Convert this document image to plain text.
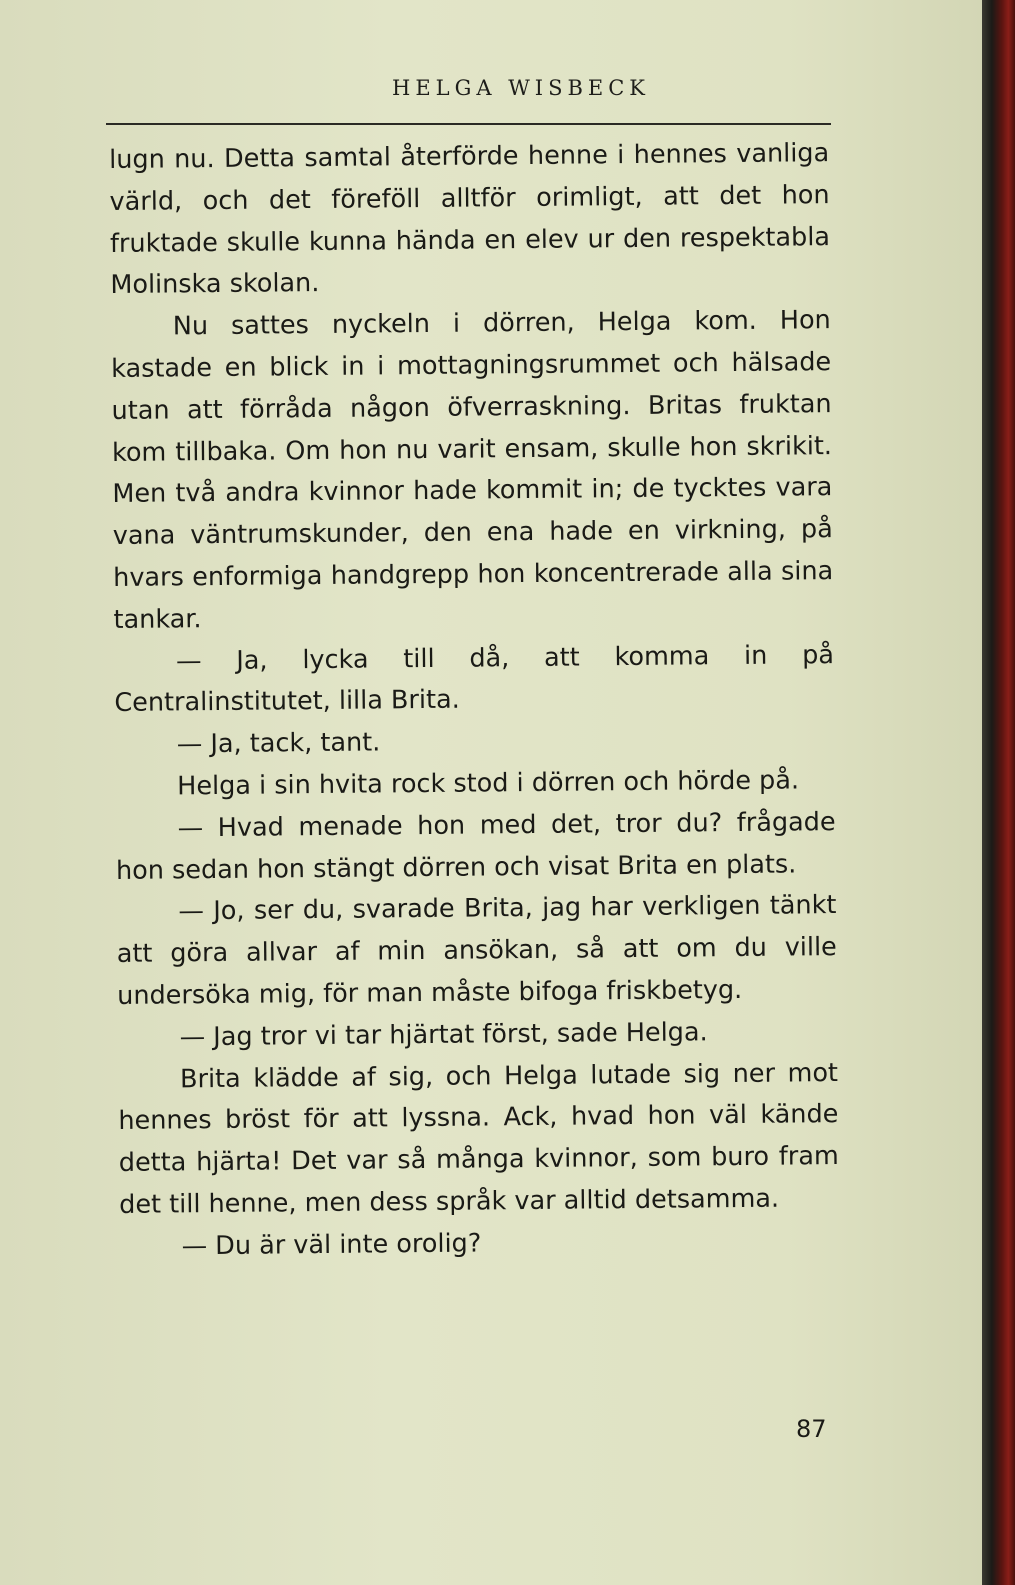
HELGA WISBECK

lugn nu. Detta samtal återförde henne i hennes vanliga värld, och det föreföll alltför orimligt, att det hon fruktade skulle kunna hända en elev ur den respektabla Molinska skolan.

Nu sattes nyckeln i dörren, Helga kom. Hon kastade en blick in i mottagningsrummet och hälsade utan att förråda någon öfverraskning. Britas fruktan kom tillbaka. Om hon nu varit ensam, skulle hon skrikit. Men två andra kvinnor hade kommit in; de tycktes vara vana väntrumskunder, den ena hade en virkning, på hvars enformiga handgrepp hon koncentrerade alla sina tankar.

— Ja, lycka till då, att komma in på Centralinstitutet, lilla Brita.

— Ja, tack, tant.

Helga i sin hvita rock stod i dörren och hörde på.

— Hvad menade hon med det, tror du? frågade hon sedan hon stängt dörren och visat Brita en plats.

— Jo, ser du, svarade Brita, jag har verkligen tänkt att göra allvar af min ansökan, så att om du ville undersöka mig, för man måste bifoga friskbetyg.

— Jag tror vi tar hjärtat först, sade Helga.

Brita klädde af sig, och Helga lutade sig ner mot hennes bröst för att lyssna. Ack, hvad hon väl kände detta hjärta! Det var så många kvinnor, som buro fram det till henne, men dess språk var alltid detsamma.

— Du är väl inte orolig?

87
